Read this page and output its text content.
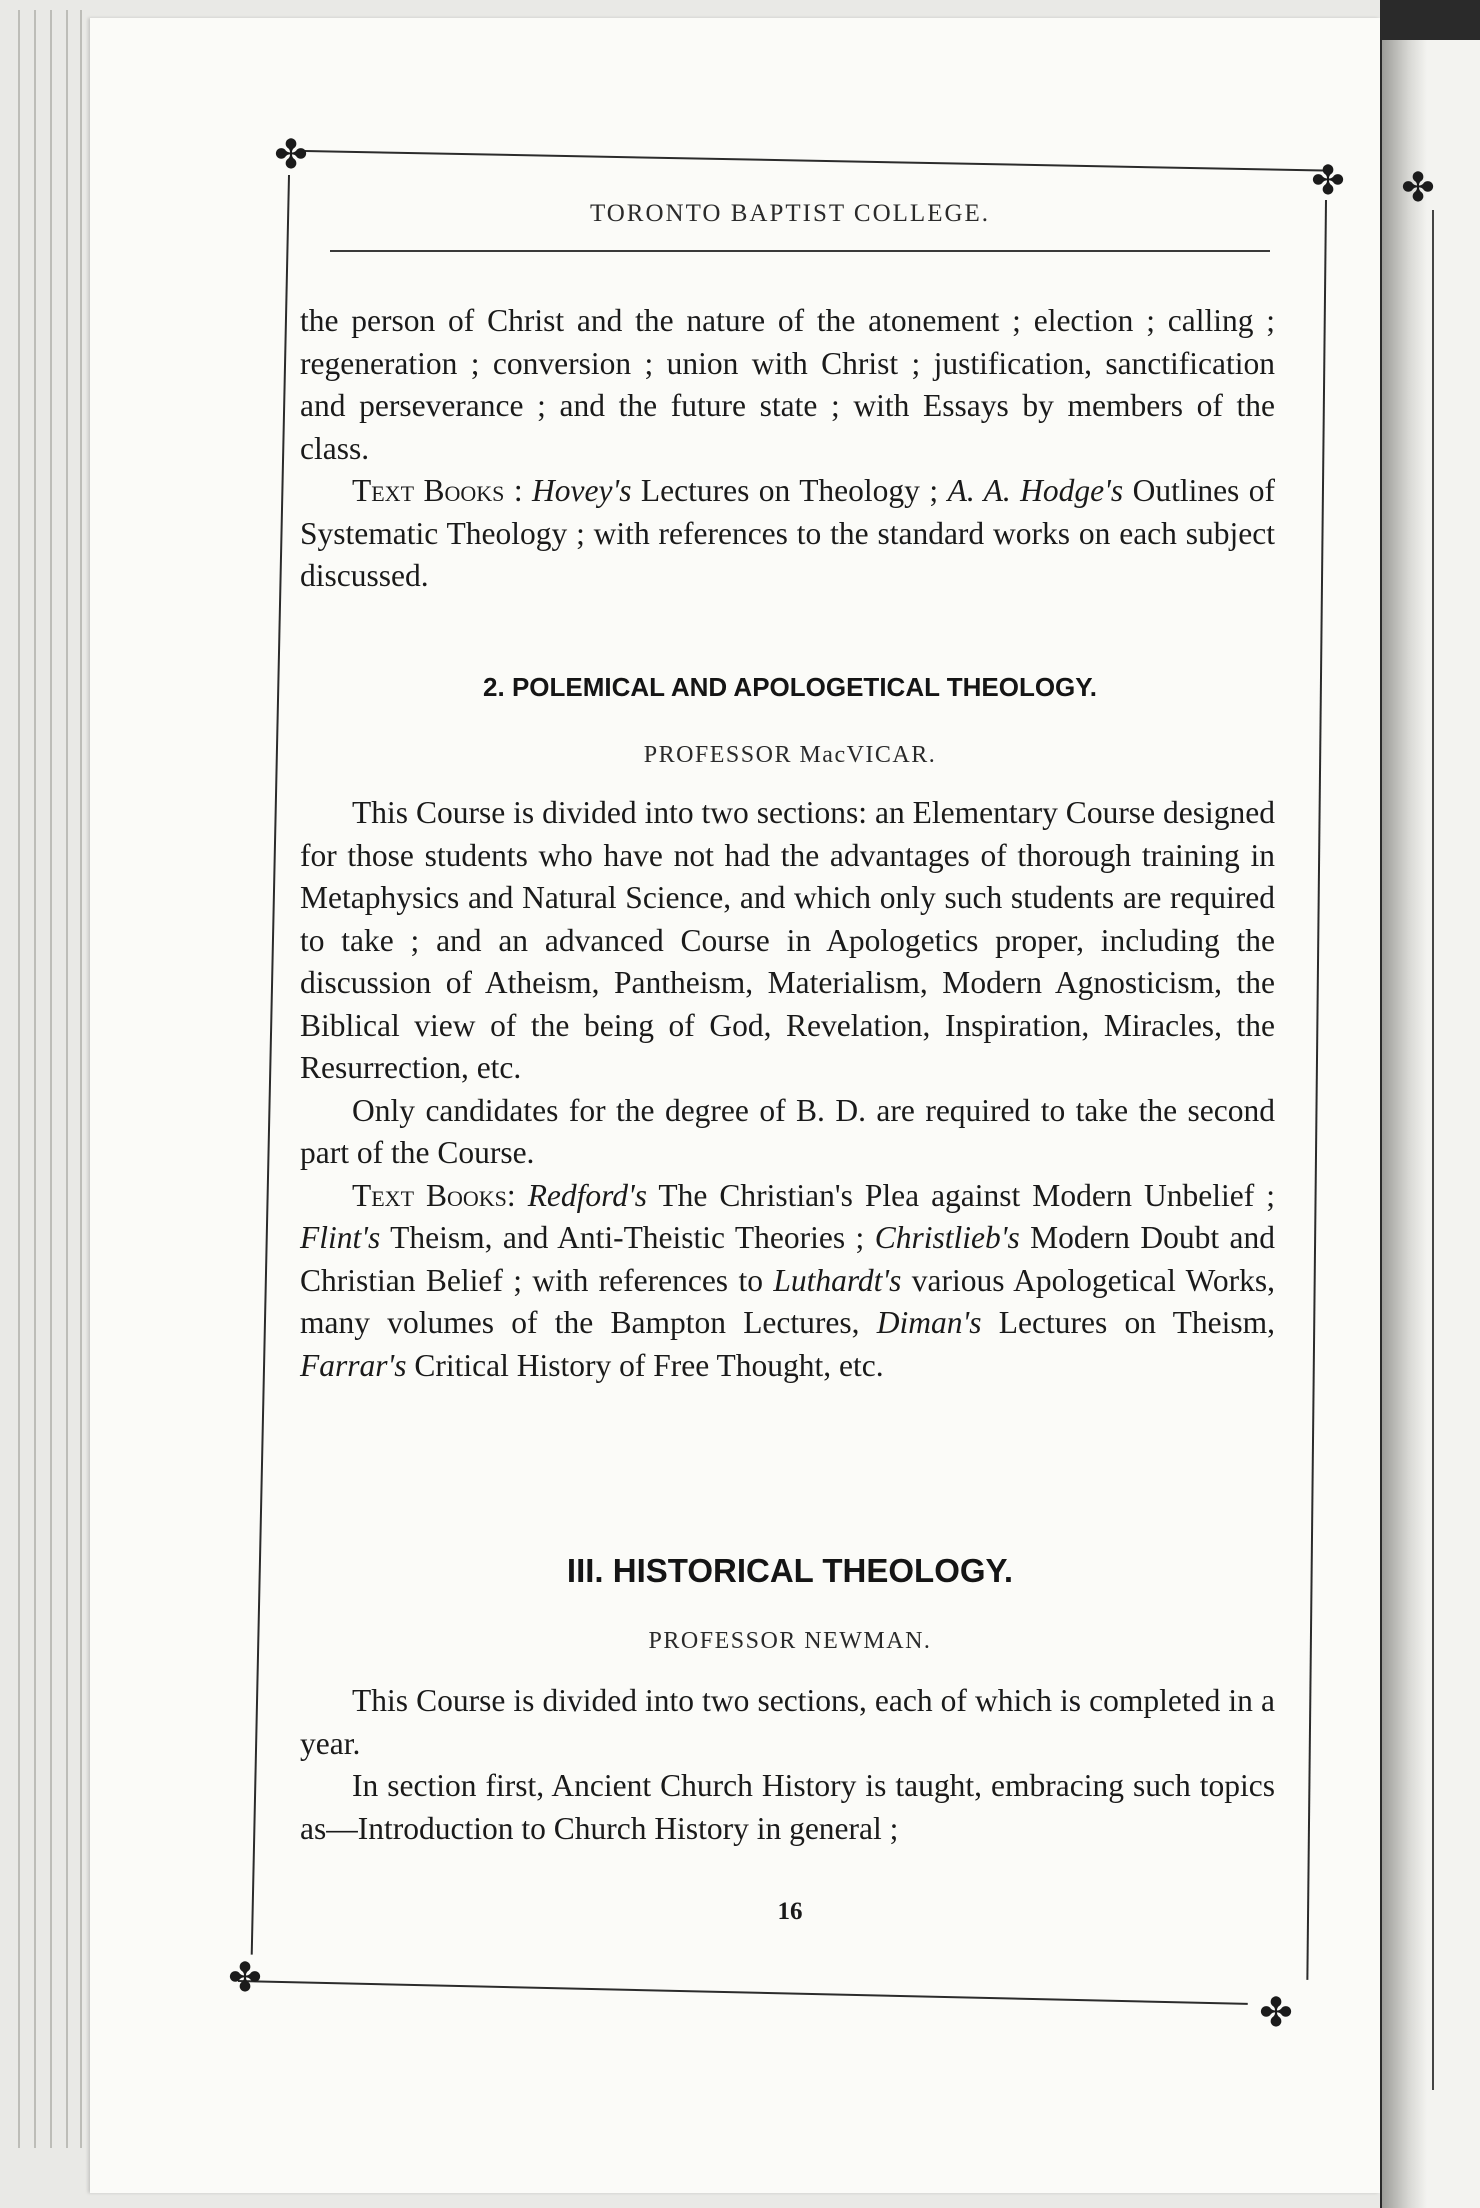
✤
✤
✤
✤
✤
TORONTO BAPTIST COLLEGE.

the person of Christ and the nature of the atonement ; election ; calling ; regeneration ; conversion ; union with Christ ; justification, sanctification and perseverance ; and the future state ; with Essays by members of the class.

Text Books : Hovey's Lectures on Theology ; A. A. Hodge's Outlines of Systematic Theology ; with references to the standard works on each subject discussed.

2. POLEMICAL AND APOLOGETICAL THEOLOGY.
PROFESSOR MacVICAR.

This Course is divided into two sections: an Elementary Course designed for those students who have not had the advantages of thorough training in Metaphysics and Natural Science, and which only such students are required to take ; and an advanced Course in Apologetics proper, including the discussion of Atheism, Pantheism, Materialism, Modern Agnosticism, the Biblical view of the being of God, Revelation, Inspiration, Miracles, the Resurrection, etc.

Only candidates for the degree of B. D. are required to take the second part of the Course.

Text Books: Redford's The Christian's Plea against Modern Unbelief ; Flint's Theism, and Anti-Theistic Theories ; Christlieb's Modern Doubt and Christian Belief ; with references to Luthardt's various Apologetical Works, many volumes of the Bampton Lectures, Diman's Lectures on Theism, Farrar's Critical History of Free Thought, etc.

III. HISTORICAL THEOLOGY.
PROFESSOR NEWMAN.

This Course is divided into two sections, each of which is completed in a year.

In section first, Ancient Church History is taught, embracing such topics as—Introduction to Church History in general ;

16
